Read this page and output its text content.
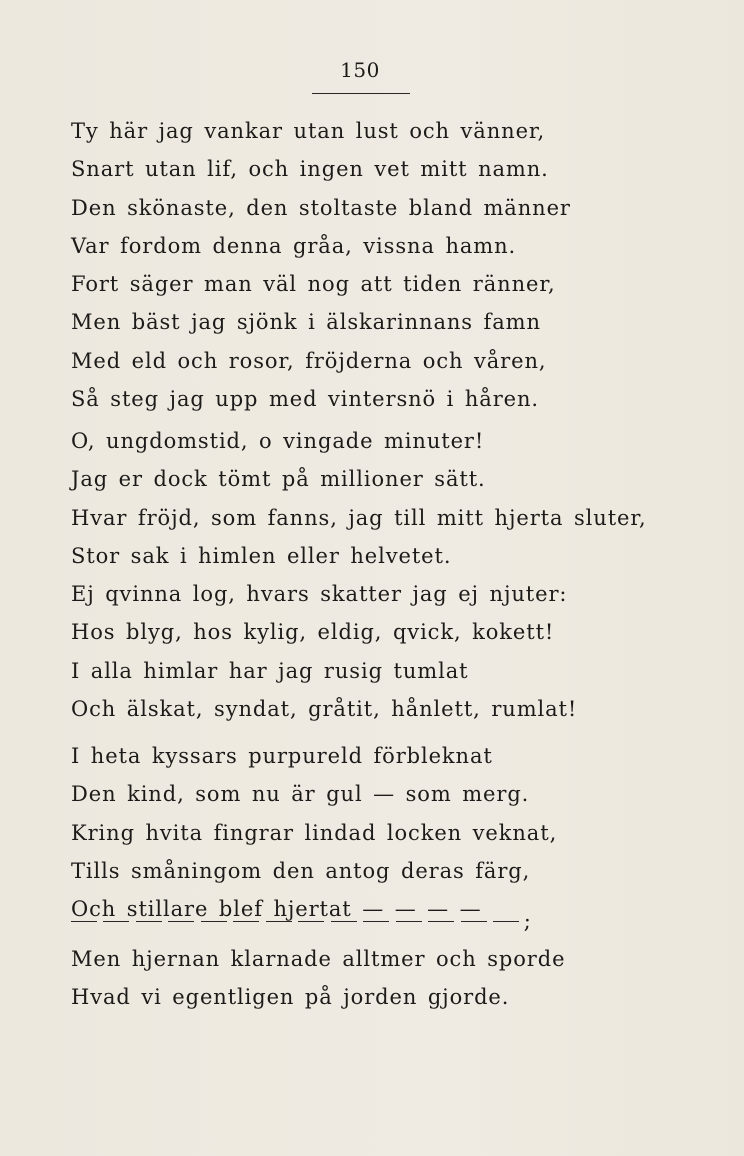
150
Ty här jag vankar utan lust och vänner,
Snart utan lif, och ingen vet mitt namn.
Den skönaste, den stoltaste bland männer
Var fordom denna gråa, vissna hamn.
Fort säger man väl nog att tiden ränner,
Men bäst jag sjönk i älskarinnans famn
Med eld och rosor, fröjderna och våren,
Så steg jag upp med vintersnö i håren.
O, ungdomstid, o vingade minuter!
Jag er dock tömt på millioner sätt.
Hvar fröjd, som fanns, jag till mitt hjerta sluter,
Stor sak i himlen eller helvetet.
Ej qvinna log, hvars skatter jag ej njuter:
Hos blyg, hos kylig, eldig, qvick, kokett!
I alla himlar har jag rusig tumlat
Och älskat, syndat, gråtit, hånlett, rumlat!
I heta kyssars purpureld förbleknat
Den kind, som nu är gul — som merg.
Kring hvita fingrar lindad locken veknat,
Tills småningom den antog deras färg,
Och stillare blef hjertat — — — —	;
Men hjernan klarnade alltmer och sporde
Hvad vi egentligen på jorden gjorde.
